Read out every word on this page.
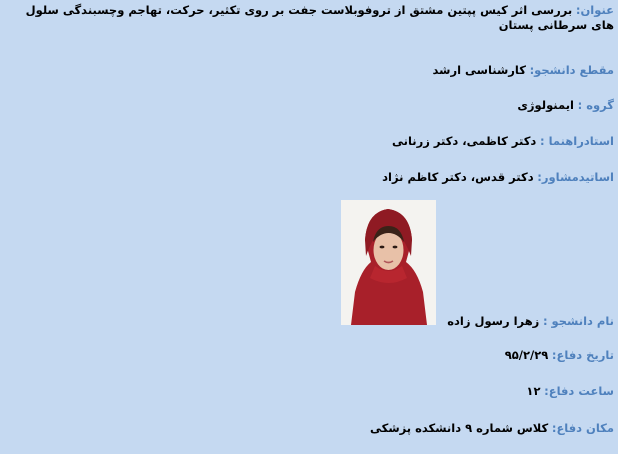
عنوان: بررسی اثر کیس پپتین مشتق از تروفوبلاست جفت بر روی تکثیر، حرکت، تهاجم وچسبندگی سلول های سرطانی پستان
مقطع دانشجو: کارشناسی ارشد
گروه : ایمنولوژی
استادراهنما : دکتر کاظمی، دکتر زرنانی
اساتیدمشاور: دکتر قدس، دکتر کاظم نژاد
نام دانشجو : زهرا رسول زاده
تاریخ دفاع: ۹۵/۲/۲۹
ساعت دفاع: ۱۲
مکان دفاع: کلاس شماره ۹ دانشکده پزشکی
